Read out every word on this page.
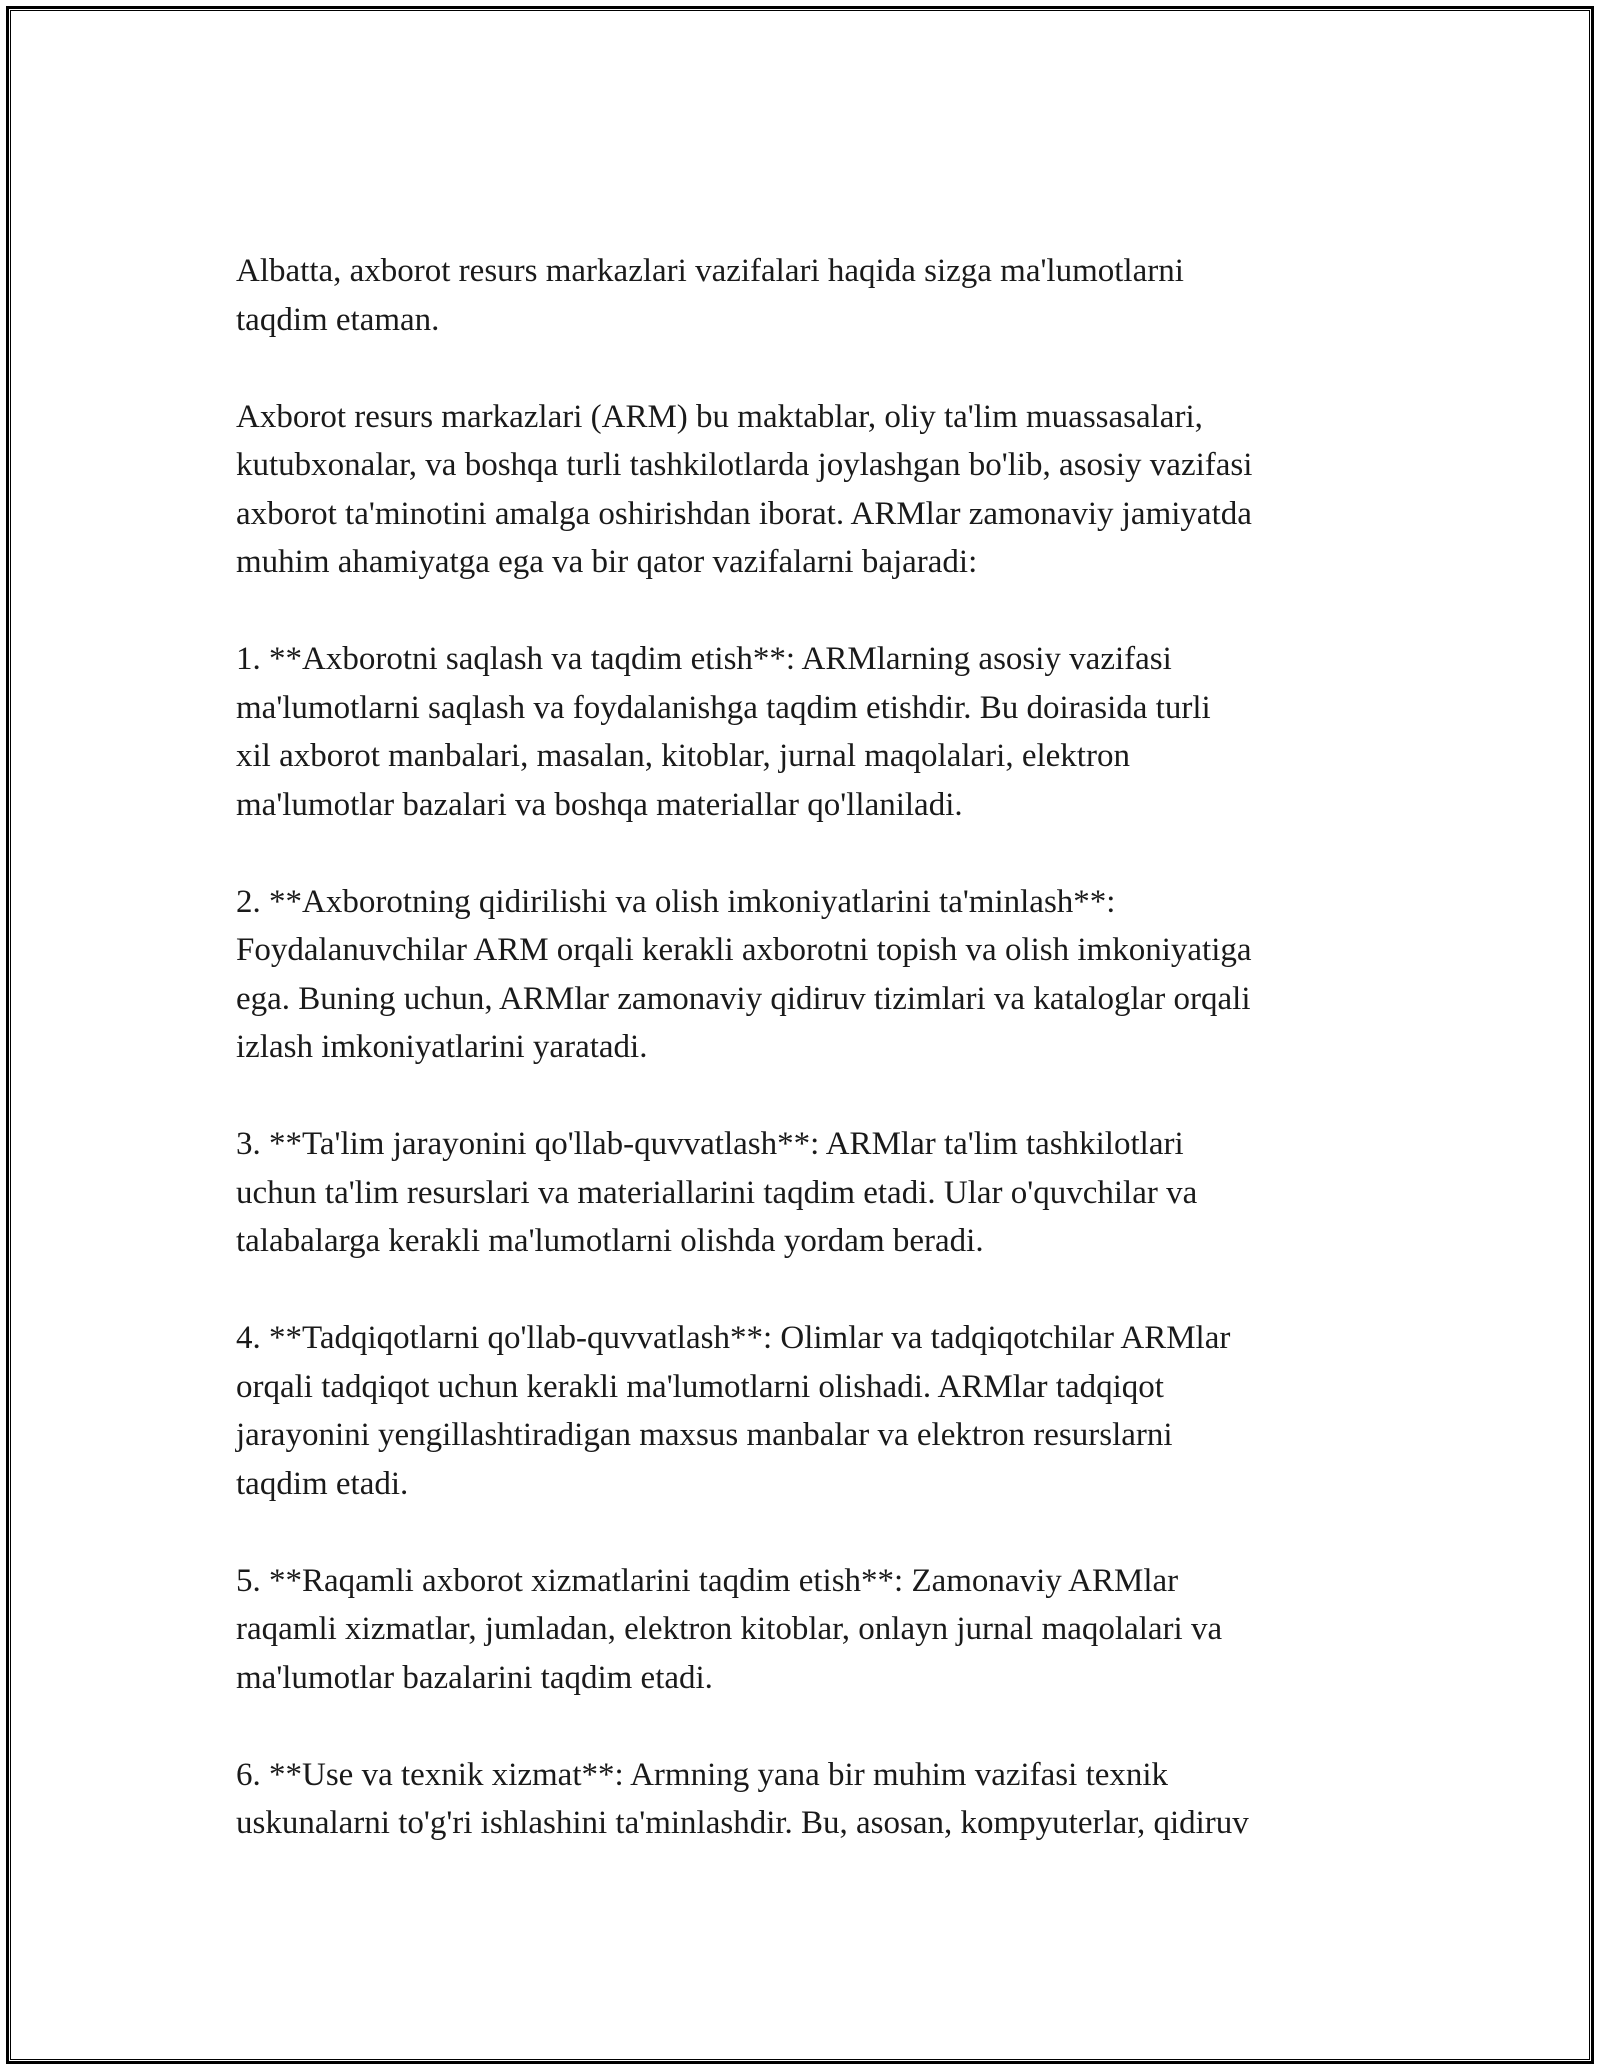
Albatta, axborot resurs markazlari vazifalari haqida sizga ma'lumotlarni
taqdim etaman.

Axborot resurs markazlari (ARM) bu maktablar, oliy ta'lim muassasalari,
kutubxonalar, va boshqa turli tashkilotlarda joylashgan bo'lib, asosiy vazifasi
axborot ta'minotini amalga oshirishdan iborat. ARMlar zamonaviy jamiyatda
muhim ahamiyatga ega va bir qator vazifalarni bajaradi:

1. **Axborotni saqlash va taqdim etish**: ARMlarning asosiy vazifasi
ma'lumotlarni saqlash va foydalanishga taqdim etishdir. Bu doirasida turli
xil axborot manbalari, masalan, kitoblar, jurnal maqolalari, elektron
ma'lumotlar bazalari va boshqa materiallar qo'llaniladi.

2. **Axborotning qidirilishi va olish imkoniyatlarini ta'minlash**:
Foydalanuvchilar ARM orqali kerakli axborotni topish va olish imkoniyatiga
ega. Buning uchun, ARMlar zamonaviy qidiruv tizimlari va kataloglar orqali
izlash imkoniyatlarini yaratadi.

3. **Ta'lim jarayonini qo'llab-quvvatlash**: ARMlar ta'lim tashkilotlari
uchun ta'lim resurslari va materiallarini taqdim etadi. Ular o'quvchilar va
talabalarga kerakli ma'lumotlarni olishda yordam beradi.

4. **Tadqiqotlarni qo'llab-quvvatlash**: Olimlar va tadqiqotchilar ARMlar
orqali tadqiqot uchun kerakli ma'lumotlarni olishadi. ARMlar tadqiqot
jarayonini yengillashtiradigan maxsus manbalar va elektron resurslarni
taqdim etadi.

5. **Raqamli axborot xizmatlarini taqdim etish**: Zamonaviy ARMlar
raqamli xizmatlar, jumladan, elektron kitoblar, onlayn jurnal maqolalari va
ma'lumotlar bazalarini taqdim etadi.

6. **Use va texnik xizmat**: Armning yana bir muhim vazifasi texnik
uskunalarni to'g'ri ishlashini ta'minlashdir. Bu, asosan, kompyuterlar, qidiruv
